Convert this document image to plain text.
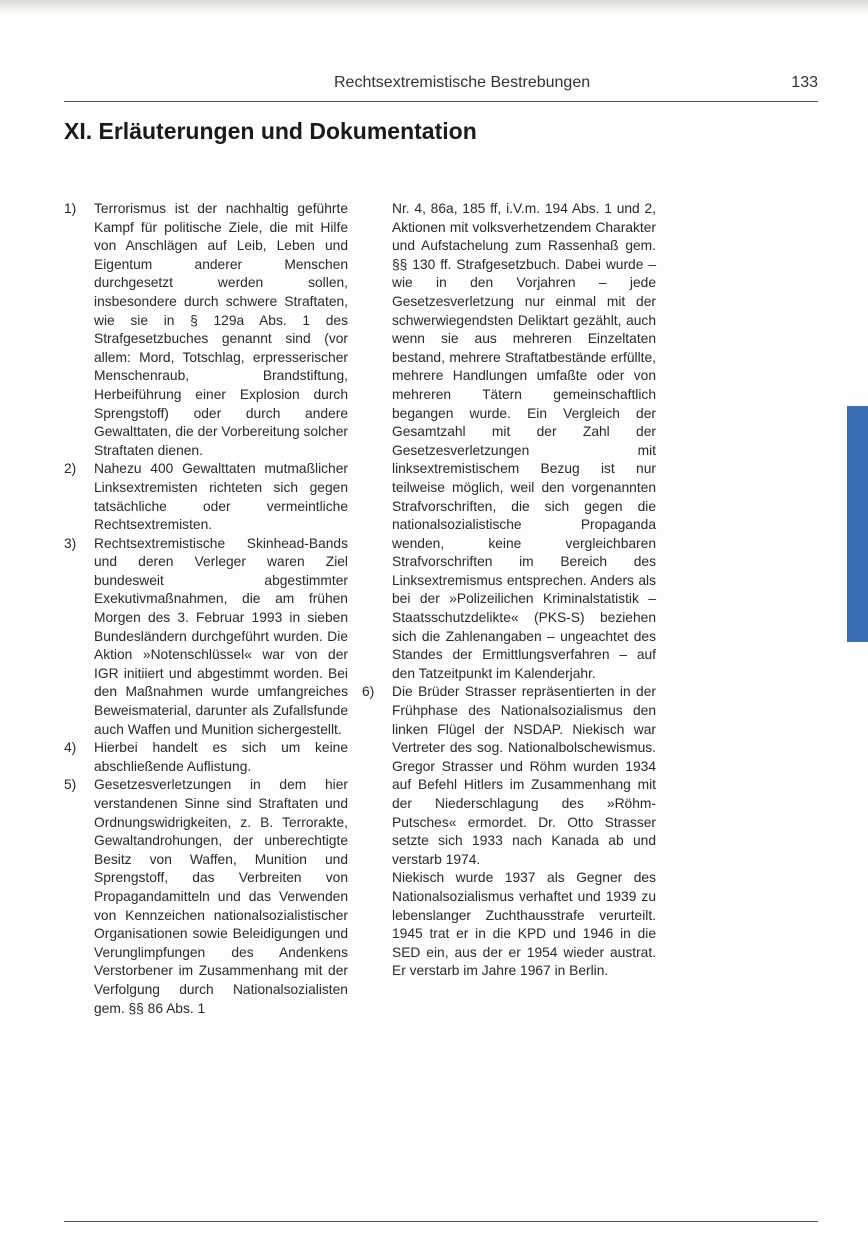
Rechtsextremistische Bestrebungen	133
XI. Erläuterungen und Dokumentation

1)	Terrorismus ist der nachhaltig geführte Kampf für politische Ziele, die mit Hilfe von Anschlägen auf Leib, Leben und Eigentum anderer Menschen durchgesetzt werden sollen, insbesondere durch schwere Straftaten, wie sie in § 129a Abs. 1 des Strafgesetzbuches genannt sind (vor allem: Mord, Totschlag, erpresserischer Menschenraub, Brandstiftung, Herbeiführung einer Explosion durch Sprengstoff) oder durch andere Gewalttaten, die der Vorbereitung solcher Straftaten dienen.

2)	Nahezu 400 Gewalttaten mutmaßlicher Linksextremisten richteten sich gegen tatsächliche oder vermeintliche Rechtsextremisten.

3)	Rechtsextremistische Skinhead-Bands und deren Verleger waren Ziel bundesweit abgestimmter Exekutivmaßnahmen, die am frühen Morgen des 3. Februar 1993 in sieben Bundesländern durchgeführt wurden. Die Aktion »Notenschlüssel« war von der IGR initiiert und abgestimmt worden. Bei den Maßnahmen wurde umfangreiches Beweismaterial, darunter als Zufallsfunde auch Waffen und Munition sichergestellt.

4)	Hierbei handelt es sich um keine abschließende Auflistung.

5)	Gesetzesverletzungen in dem hier verstandenen Sinne sind Straftaten und Ordnungswidrigkeiten, z. B. Terrorakte, Gewaltandrohungen, der unberechtigte Besitz von Waffen, Munition und Sprengstoff, das Verbreiten von Propagandamitteln und das Verwenden von Kennzeichen nationalsozialistischer Organisationen sowie Beleidigungen und Verunglimpfungen des Andenkens Verstorbener im Zusammenhang mit der Verfolgung durch Nationalsozialisten gem. §§ 86 Abs. 1

Nr. 4, 86a, 185 ff, i.V.m. 194 Abs. 1 und 2, Aktionen mit volksverhetzendem Charakter und Aufstachelung zum Rassenhaß gem. §§ 130 ff. Strafgesetzbuch. Dabei wurde – wie in den Vorjahren – jede Gesetzesverletzung nur einmal mit der schwerwiegendsten Deliktart gezählt, auch wenn sie aus mehreren Einzeltaten bestand, mehrere Straftatbestände erfüllte, mehrere Handlungen umfaßte oder von mehreren Tätern gemeinschaftlich begangen wurde. Ein Vergleich der Gesamtzahl mit der Zahl der Gesetzesverletzungen mit linksextremistischem Bezug ist nur teilweise möglich, weil den vorgenannten Strafvorschriften, die sich gegen die nationalsozialistische Propaganda wenden, keine vergleichbaren Strafvorschriften im Bereich des Linksextremismus entsprechen. Anders als bei der »Polizeilichen Kriminalstatistik – Staatsschutzdelikte« (PKS-S) beziehen sich die Zahlenangaben – ungeachtet des Standes der Ermittlungsverfahren – auf den Tatzeitpunkt im Kalenderjahr.

6)	Die Brüder Strasser repräsentierten in der Frühphase des Nationalsozialismus den linken Flügel der NSDAP. Niekisch war Vertreter des sog. Nationalbolschewismus. Gregor Strasser und Röhm wurden 1934 auf Befehl Hitlers im Zusammenhang mit der Niederschlagung des »Röhm-Putsches« ermordet. Dr. Otto Strasser setzte sich 1933 nach Kanada ab und verstarb 1974.

Niekisch wurde 1937 als Gegner des Nationalsozialismus verhaftet und 1939 zu lebenslanger Zuchthausstrafe verurteilt. 1945 trat er in die KPD und 1946 in die SED ein, aus der er 1954 wieder austrat. Er verstarb im Jahre 1967 in Berlin.
